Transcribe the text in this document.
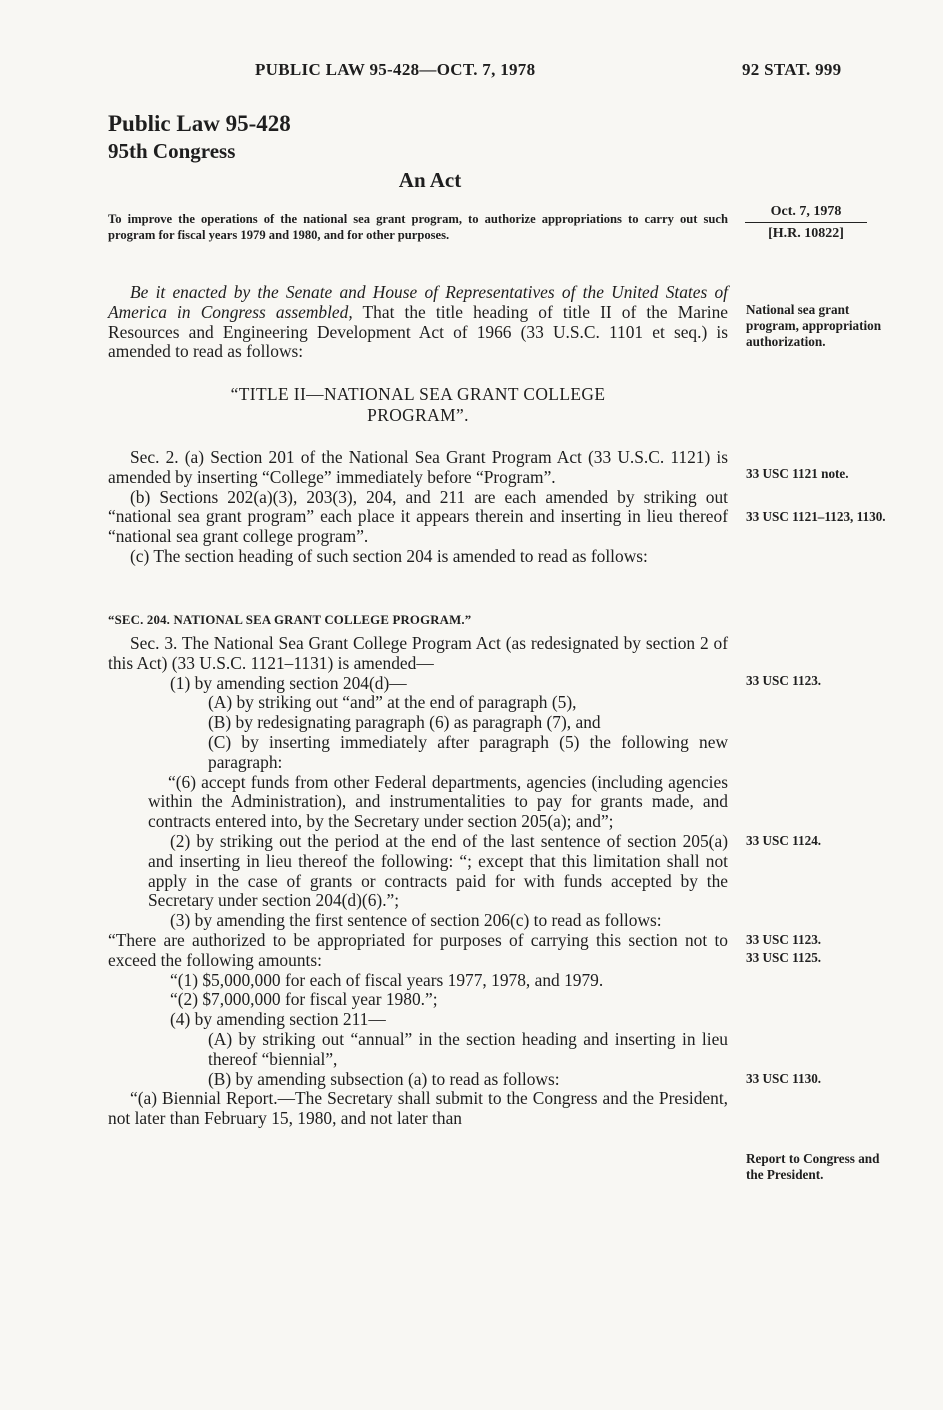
PUBLIC LAW 95-428—OCT. 7, 1978	92 STAT. 999
Public Law 95-428
95th Congress
An Act

To improve the operations of the national sea grant program, to authorize appropriations to carry out such program for fiscal years 1979 and 1980, and for other purposes.

Oct. 7, 1978
[H.R. 10822]

Be it enacted by the Senate and House of Representatives of the United States of America in Congress assembled, That the title heading of title II of the Marine Resources and Engineering Development Act of 1966 (33 U.S.C. 1101 et seq.) is amended to read as follows:

“TITLE II—NATIONAL SEA GRANT COLLEGE
PROGRAM”.

Sec. 2. (a) Section 201 of the National Sea Grant Program Act (33 U.S.C. 1121) is amended by inserting “College” immediately before “Program”.

(b) Sections 202(a)(3), 203(3), 204, and 211 are each amended by striking out “national sea grant program” each place it appears therein and inserting in lieu thereof “national sea grant college program”.

(c) The section heading of such section 204 is amended to read as follows:

“SEC. 204. NATIONAL SEA GRANT COLLEGE PROGRAM.”

Sec. 3. The National Sea Grant College Program Act (as redesignated by section 2 of this Act) (33 U.S.C. 1121–1131) is amended—

(1) by amending section 204(d)—

(A) by striking out “and” at the end of paragraph (5),

(B) by redesignating paragraph (6) as paragraph (7), and

(C) by inserting immediately after paragraph (5) the following new paragraph:

“(6) accept funds from other Federal departments, agencies (including agencies within the Administration), and instrumentalities to pay for grants made, and contracts entered into, by the Secretary under section 205(a); and”;

(2) by striking out the period at the end of the last sentence of section 205(a) and inserting in lieu thereof the following: “; except that this limitation shall not apply in the case of grants or contracts paid for with funds accepted by the Secretary under section 204(d)(6).”;

(3) by amending the first sentence of section 206(c) to read as follows:

“There are authorized to be appropriated for purposes of carrying this section not to exceed the following amounts:

“(1) $5,000,000 for each of fiscal years 1977, 1978, and 1979.

“(2) $7,000,000 for fiscal year 1980.”;

(4) by amending section 211—

(A) by striking out “annual” in the section heading and inserting in lieu thereof “biennial”,

(B) by amending subsection (a) to read as follows:

“(a) Biennial Report.—The Secretary shall submit to the Congress and the President, not later than February 15, 1980, and not later than

National sea grant program, appropriation authorization.
33 USC 1121 note.
33 USC 1121–1123, 1130.
33 USC 1123.
33 USC 1124.
33 USC 1123.
33 USC 1125.
33 USC 1130.
Report to Congress and the President.
